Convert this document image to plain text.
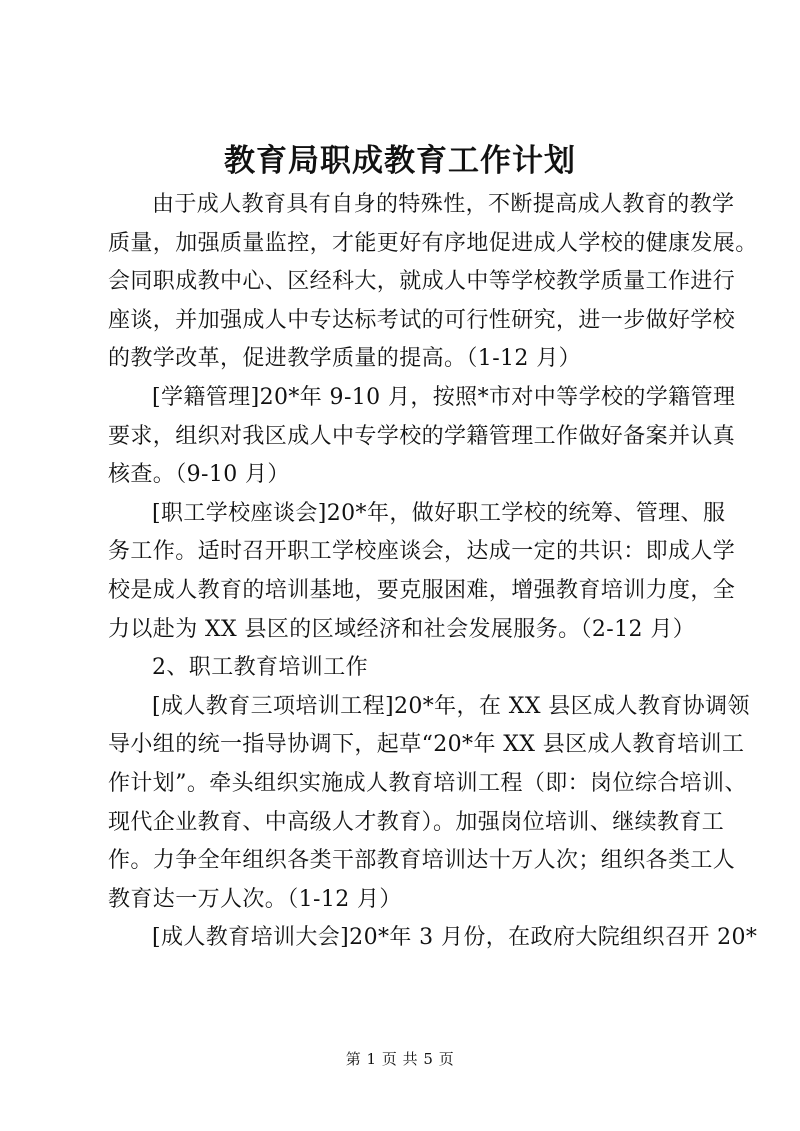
教育局职成教育工作计划

由于成人教育具有自身的特殊性，不断提高成人教育的教学
质量，加强质量监控，才能更好有序地促进成人学校的健康发展。
会同职成教中心、区经科大，就成人中等学校教学质量工作进行
座谈，并加强成人中专达标考试的可行性研究，进一步做好学校
的教学改革，促进教学质量的提高。（1-12 月）

[学籍管理]20*年 9-10 月，按照*市对中等学校的学籍管理
要求，组织对我区成人中专学校的学籍管理工作做好备案并认真
核查。（9-10 月）

[职工学校座谈会]20*年，做好职工学校的统筹、管理、服
务工作。适时召开职工学校座谈会，达成一定的共识：即成人学
校是成人教育的培训基地，要克服困难，增强教育培训力度，全
力以赴为 XX 县区的区域经济和社会发展服务。（2-12 月）

2、职工教育培训工作

[成人教育三项培训工程]20*年，在 XX 县区成人教育协调领
导小组的统一指导协调下，起草“20*年 XX 县区成人教育培训工
作计划”。牵头组织实施成人教育培训工程（即：岗位综合培训、
现代企业教育、中高级人才教育）。加强岗位培训、继续教育工
作。力争全年组织各类干部教育培训达十万人次；组织各类工人
教育达一万人次。（1-12 月）

[成人教育培训大会]20*年 3 月份，在政府大院组织召开 20*

第 1 页 共 5 页
